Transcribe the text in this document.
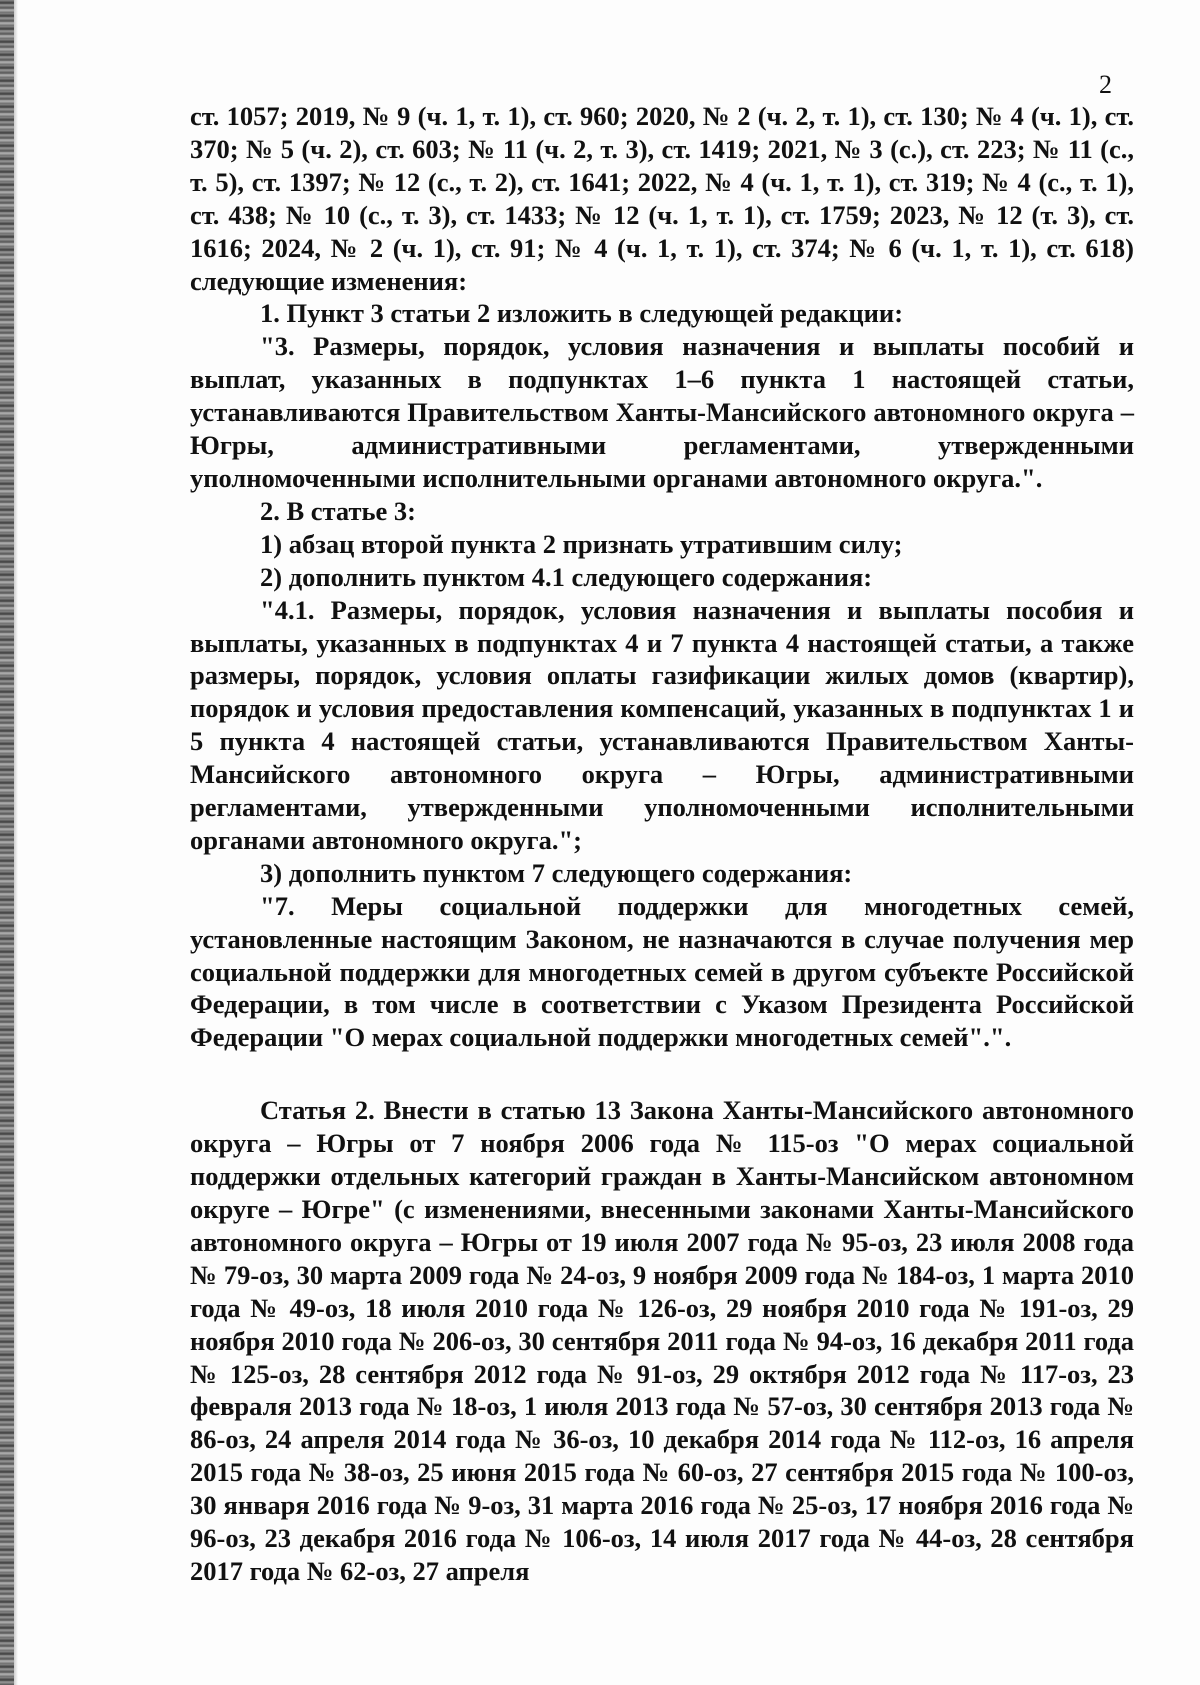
2

ст. 1057; 2019, № 9 (ч. 1, т. 1), ст. 960; 2020, № 2 (ч. 2, т. 1), ст. 130; № 4 (ч. 1), ст. 370; № 5 (ч. 2), ст. 603; № 11 (ч. 2, т. 3), ст. 1419; 2021, № 3 (с.), ст. 223; № 11 (с., т. 5), ст. 1397; № 12 (с., т. 2), ст. 1641; 2022, № 4 (ч. 1, т. 1), ст. 319; № 4 (с., т. 1), ст. 438; № 10 (с., т. 3), ст. 1433; № 12 (ч. 1, т. 1), ст. 1759; 2023, № 12 (т. 3), ст. 1616; 2024, № 2 (ч. 1), ст. 91; № 4 (ч. 1, т. 1), ст. 374; № 6 (ч. 1, т. 1), ст. 618) следующие изменения:

1. Пункт 3 статьи 2 изложить в следующей редакции:

"3. Размеры, порядок, условия назначения и выплаты пособий и выплат, указанных в подпунктах 1–6 пункта 1 настоящей статьи, устанавливаются Правительством Ханты-Мансийского автономного округа – Югры, административными регламентами, утвержденными уполномоченными исполнительными органами автономного округа.".

2. В статье 3:

1) абзац второй пункта 2 признать утратившим силу;

2) дополнить пунктом 4.1 следующего содержания:

"4.1. Размеры, порядок, условия назначения и выплаты пособия и выплаты, указанных в подпунктах 4 и 7 пункта 4 настоящей статьи, а также размеры, порядок, условия оплаты газификации жилых домов (квартир), порядок и условия предоставления компенсаций, указанных в подпунктах 1 и 5 пункта 4 настоящей статьи, устанавливаются Правительством Ханты-Мансийского автономного округа – Югры, административными регламентами, утвержденными уполномоченными исполнительными органами автономного округа.";

3) дополнить пунктом 7 следующего содержания:

"7. Меры социальной поддержки для многодетных семей, установленные настоящим Законом, не назначаются в случае получения мер социальной поддержки для многодетных семей в другом субъекте Российской Федерации, в том числе в соответствии с Указом Президента Российской Федерации "О мерах социальной поддержки многодетных семей".".

Статья 2. Внести в статью 13 Закона Ханты-Мансийского автономного округа – Югры от 7 ноября 2006 года № 115-оз "О мерах социальной поддержки отдельных категорий граждан в Ханты-Мансийском автономном округе – Югре" (с изменениями, внесенными законами Ханты-Мансийского автономного округа – Югры от 19 июля 2007 года № 95-оз, 23 июля 2008 года № 79-оз, 30 марта 2009 года № 24-оз, 9 ноября 2009 года № 184-оз, 1 марта 2010 года № 49-оз, 18 июля 2010 года № 126-оз, 29 ноября 2010 года № 191-оз, 29 ноября 2010 года № 206-оз, 30 сентября 2011 года № 94-оз, 16 декабря 2011 года № 125-оз, 28 сентября 2012 года № 91-оз, 29 октября 2012 года № 117-оз, 23 февраля 2013 года № 18-оз, 1 июля 2013 года № 57-оз, 30 сентября 2013 года № 86-оз, 24 апреля 2014 года № 36-оз, 10 декабря 2014 года № 112-оз, 16 апреля 2015 года № 38-оз, 25 июня 2015 года № 60-оз, 27 сентября 2015 года № 100-оз, 30 января 2016 года № 9-оз, 31 марта 2016 года № 25-оз, 17 ноября 2016 года № 96-оз, 23 декабря 2016 года № 106-оз, 14 июля 2017 года № 44-оз, 28 сентября 2017 года № 62-оз, 27 апреля
